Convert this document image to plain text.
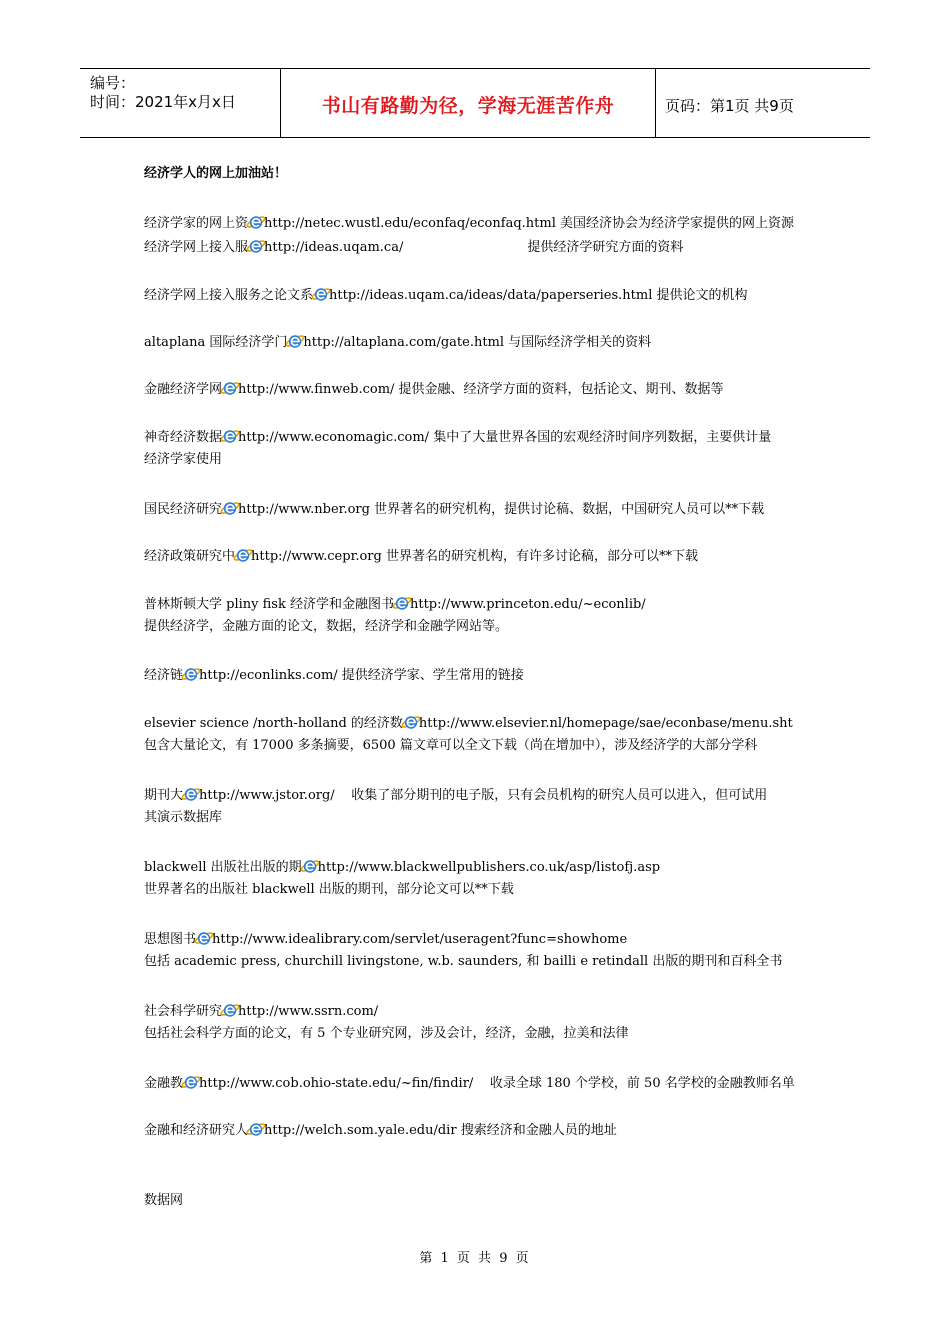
编号：
时间：2021年x月x日	书山有路勤为径，学海无涯苦作舟	页码：第1页 共9页
经济学人的网上加油站！
经济学家的网上资 http://netec.wustl.edu/econfaq/econfaq.html 美国经济协会为经济学家提供的网上资源
经济学网上接入服 http://ideas.uqam.ca/                              提供经济学研究方面的资料
经济学网上接入服务之论文系 http://ideas.uqam.ca/ideas/data/paperseries.html 提供论文的机构
altaplana 国际经济学门 http://altaplana.com/gate.html 与国际经济学相关的资料
金融经济学网 http://www.finweb.com/ 提供金融、经济学方面的资料，包括论文、期刊、数据等
神奇经济数据 http://www.economagic.com/ 集中了大量世界各国的宏观经济时间序列数据，主要供计量
经济学家使用
国民经济研究 http://www.nber.org 世界著名的研究机构，提供讨论稿、数据，中国研究人员可以**下载
经济政策研究中 http://www.cepr.org 世界著名的研究机构，有许多讨论稿，部分可以**下载
普林斯顿大学 pliny fisk 经济学和金融图书 http://www.princeton.edu/~econlib/
提供经济学，金融方面的论文，数据，经济学和金融学网站等。
经济链 http://econlinks.com/ 提供经济学家、学生常用的链接
elsevier science /north-holland 的经济数 http://www.elsevier.nl/homepage/sae/econbase/menu.sht
包含大量论文，有 17000 多条摘要，6500 篇文章可以全文下载（尚在增加中），涉及经济学的大部分学科
期刊大 http://www.jstor.org/    收集了部分期刊的电子版，只有会员机构的研究人员可以进入，但可试用
其演示数据库
blackwell 出版社出版的期 http://www.blackwellpublishers.co.uk/asp/listofj.asp
世界著名的出版社 blackwell 出版的期刊，部分论文可以**下载
思想图书 http://www.idealibrary.com/servlet/useragent?func=showhome
包括 academic press, churchill livingstone, w.b. saunders, 和 bailli e retindall 出版的期刊和百科全书
社会科学研究 http://www.ssrn.com/
包括社会科学方面的论文，有 5 个专业研究网，涉及会计，经济，金融，拉美和法律
金融教 http://www.cob.ohio-state.edu/~fin/findir/    收录全球 180 个学校，前 50 名学校的金融教师名单
金融和经济研究人 http://welch.som.yale.edu/dir 搜索经济和金融人员的地址
数据网
第 1 页 共 9 页
